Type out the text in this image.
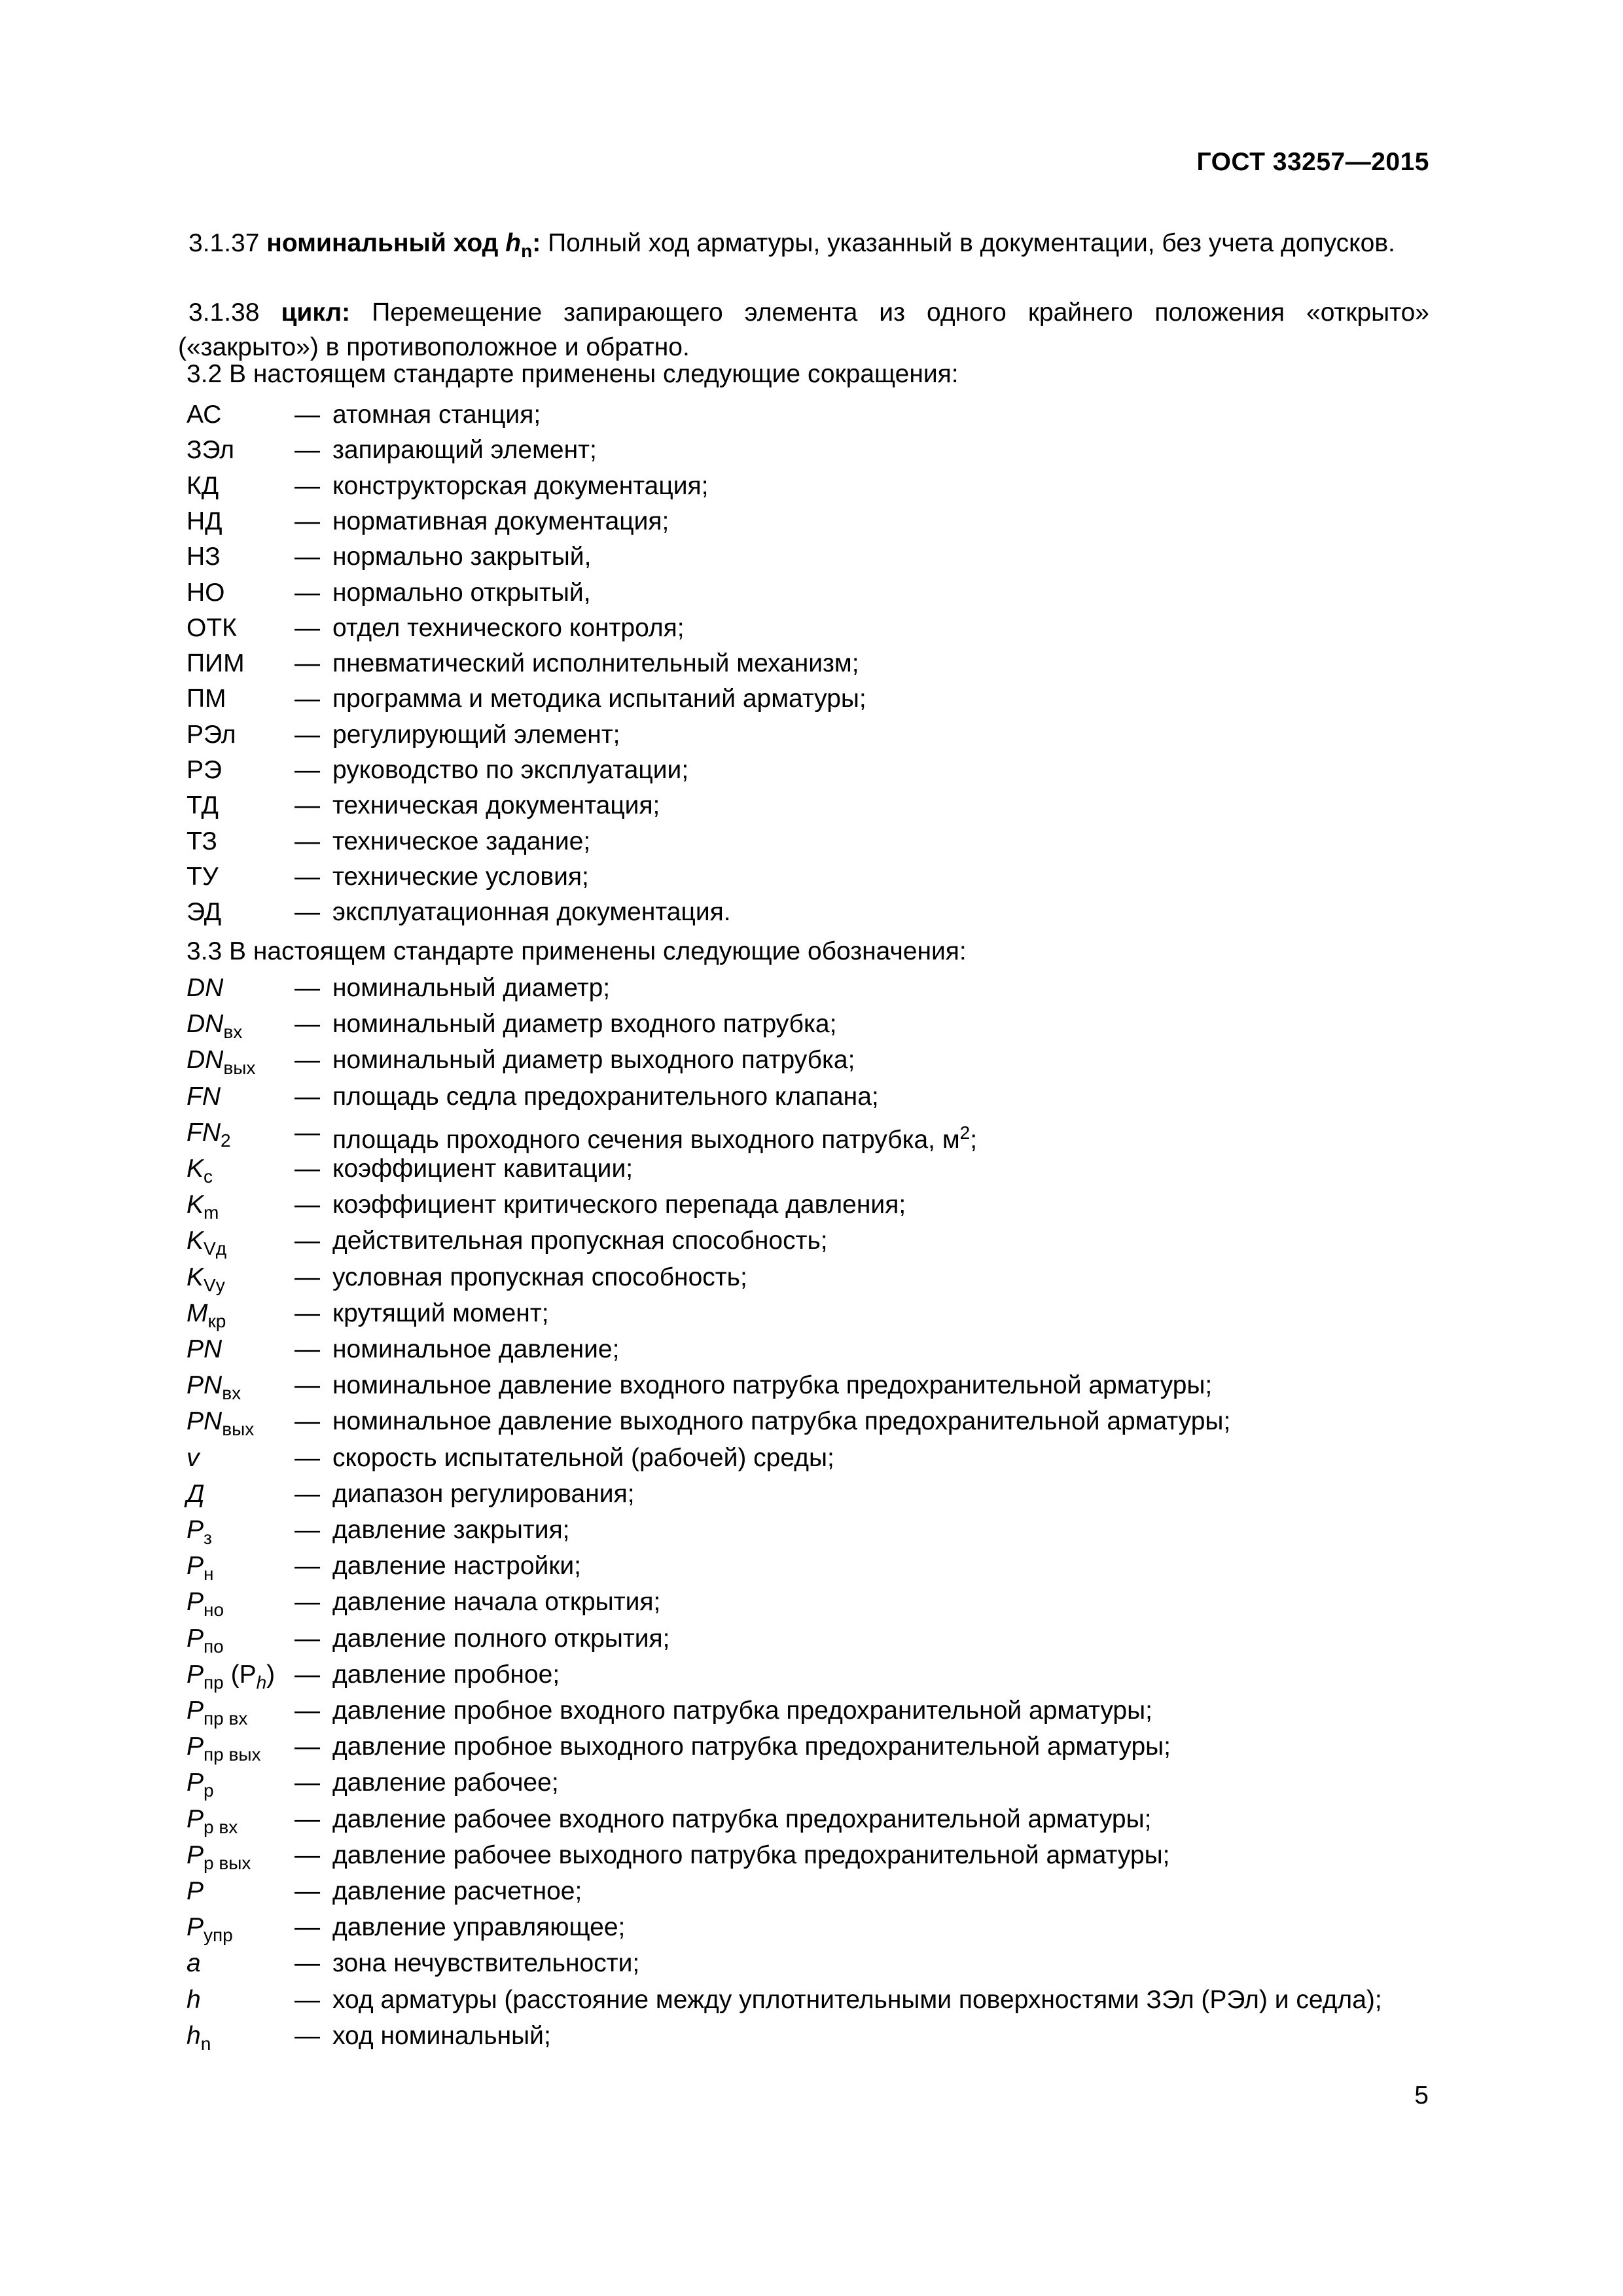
ГОСТ 33257—2015
3.1.37 номинальный ход $h_n$: Полный ход арматуры, указанный в документации, без учета допусков.
3.1.38 цикл: Перемещение запирающего элемента из одного крайнего положения «открыто» («закрыто») в противоположное и обратно.
3.2 В настоящем стандарте применены следующие сокращения:
АС	— атомная станция;
ЗЭл — запирающий элемент;
КД	— конструкторская документация;
НД	— нормативная документация;
НЗ	— нормально закрытый,
НО	— нормально открытый,
ОТК — отдел технического контроля;
ПИМ — пневматический исполнительный механизм;
ПМ	— программа и методика испытаний арматуры;
РЭл — регулирующий элемент;
РЭ	— руководство по эксплуатации;
ТД	— техническая документация;
ТЗ	— техническое задание;
ТУ	— технические условия;
ЭД	— эксплуатационная документация.
3.3 В настоящем стандарте применены следующие обозначения:
DN	— номинальный диаметр;
$DN_{вх}$ — номинальный диаметр входного патрубка;
$DN_{вых}$ — номинальный диаметр выходного патрубка;
FN	— площадь седла предохранительного клапана;
$FN_2$ — площадь проходного сечения выходного патрубка, $м^2$;
$K_c$	— коэффициент кавитации;
$K_m$	— коэффициент критического перепада давления;
$K_{Vд}$	— действительная пропускная способность;
$K_{Vу}$	— условная пропускная способность;
$M_{кр}$	— крутящий момент;
PN	— номинальное давление;
$PN_{вх}$ — номинальное давление входного патрубка предохранительной арматуры;
$PN_{вых}$ — номинальное давление выходного патрубка предохранительной арматуры;
v	— скорость испытательной (рабочей) среды;
Д	— диапазон регулирования;
$P_з$	— давление закрытия;
$P_н$	— давление настройки;
$P_{но}$	— давление начала открытия;
$P_{по}$	— давление полного открытия;
$P_{пр}$ $(P_h)$ — давление пробное;
$P_{пр вх}$ — давление пробное входного патрубка предохранительной арматуры;
$P_{пр вых}$ — давление пробное выходного патрубка предохранительной арматуры;
$P_р$	— давление рабочее;
$P_{р вх}$ — давление рабочее входного патрубка предохранительной арматуры;
$P_{р вых}$ — давление рабочее выходного патрубка предохранительной арматуры;
P	— давление расчетное;
$P_{упр}$ — давление управляющее;
a	— зона нечувствительности;
h	— ход арматуры (расстояние между уплотнительными поверхностями ЗЭл (РЭл) и седла);
$h_n$	— ход номинальный;
5
